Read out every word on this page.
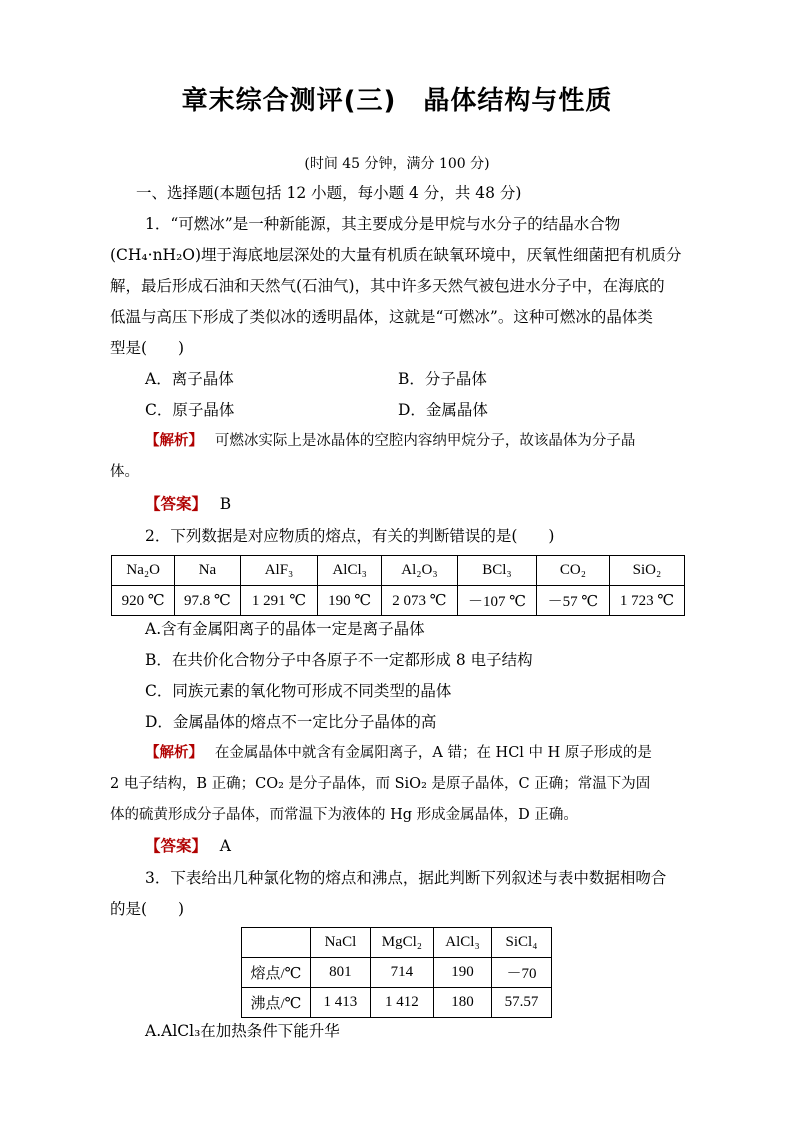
章末综合测评(三)　晶体结构与性质
(时间 45 分钟，满分 100 分)
一、选择题(本题包括 12 小题，每小题 4 分，共 48 分)
1．“可燃冰”是一种新能源，其主要成分是甲烷与水分子的结晶水合物
(CH₄·nH₂O)埋于海底地层深处的大量有机质在缺氧环境中，厌氧性细菌把有机质分
解，最后形成石油和天然气(石油气)，其中许多天然气被包进水分子中，在海底的
低温与高压下形成了类似冰的透明晶体，这就是“可燃冰”。这种可燃冰的晶体类
型是(　　)
A．离子晶体	B．分子晶体
C．原子晶体	D．金属晶体
【解析】　 可燃冰实际上是冰晶体的空腔内容纳甲烷分子，故该晶体为分子晶
体。
【答案】　 B
2．下列数据是对应物质的熔点，有关的判断错误的是(　　)
Na₂O	Na	AlF₃	AlCl₃	Al₂O₃	BCl₃	CO₂	SiO₂
920 ℃	97.8 ℃	1 291 ℃	190 ℃	2 073 ℃	－107 ℃	－57 ℃	1 723 ℃
A.含有金属阳离子的晶体一定是离子晶体
B．在共价化合物分子中各原子不一定都形成 8 电子结构
C．同族元素的氧化物可形成不同类型的晶体
D．金属晶体的熔点不一定比分子晶体的高
【解析】　 在金属晶体中就含有金属阳离子，A 错；在 HCl 中 H 原子形成的是
2 电子结构，B 正确；CO₂ 是分子晶体，而 SiO₂ 是原子晶体，C 正确；常温下为固
体的硫黄形成分子晶体，而常温下为液体的 Hg 形成金属晶体，D 正确。
【答案】　 A
3．下表给出几种氯化物的熔点和沸点，据此判断下列叙述与表中数据相吻合
的是(　　)
	NaCl	MgCl₂	AlCl₃	SiCl₄
熔点/℃	801	714	190	－70
沸点/℃	1 413	1 412	180	57.57
A.AlCl₃在加热条件下能升华
